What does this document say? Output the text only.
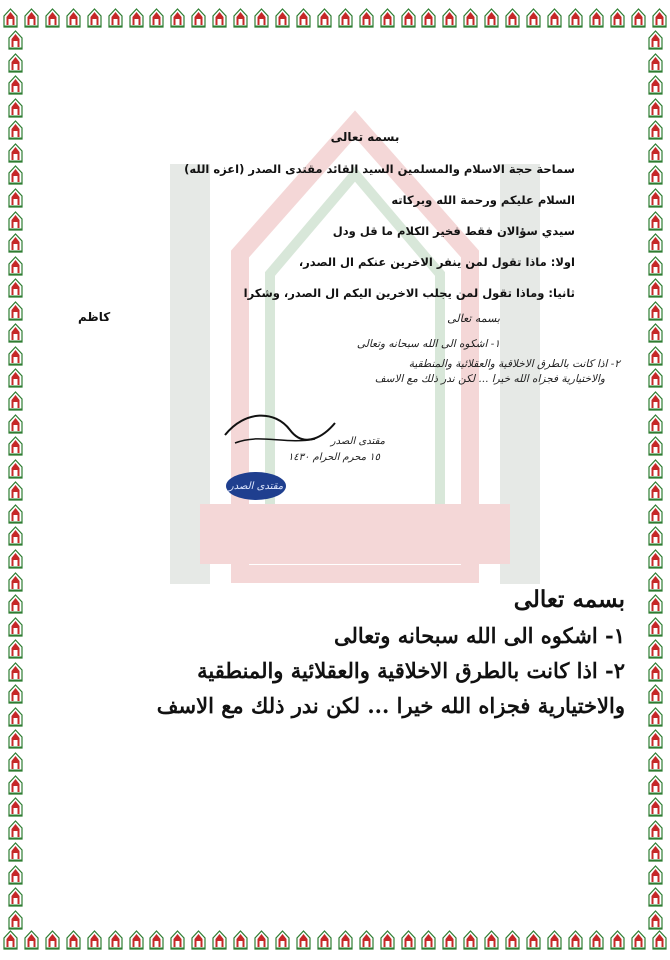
بسمه تعالى
سماحة حجة الاسلام والمسلمين السيد القائد مقتدى الصدر (اعزه الله)
السلام عليكم ورحمة الله وبركاته
سيدي سؤالان فقط فخير الكلام ما قل ودل
اولا: ماذا تقول لمن ينفر الاخرين عنكم ال الصدر،
ثانيا: وماذا تقول لمن يجلب الاخرين اليكم ال الصدر، وشكرا
كاظم	بسمه تعالى
١- اشكوه الى الله سبحانه وتعالى
٢- اذا كانت بالطرق الاخلاقية والعقلائية والمنطقية
والاختيارية فجزاه الله خيرا ... لكن ندر ذلك مع الاسف
مقتدى الصدر
١٥ محرم الحرام ١٤٣٠
مقتدى الصدر
بسمه تعالى
١- اشكوه الى الله سبحانه وتعالى
٢- اذا كانت بالطرق الاخلاقية والعقلائية والمنطقية
والاختيارية فجزاه الله خيرا ... لكن ندر ذلك مع الاسف
